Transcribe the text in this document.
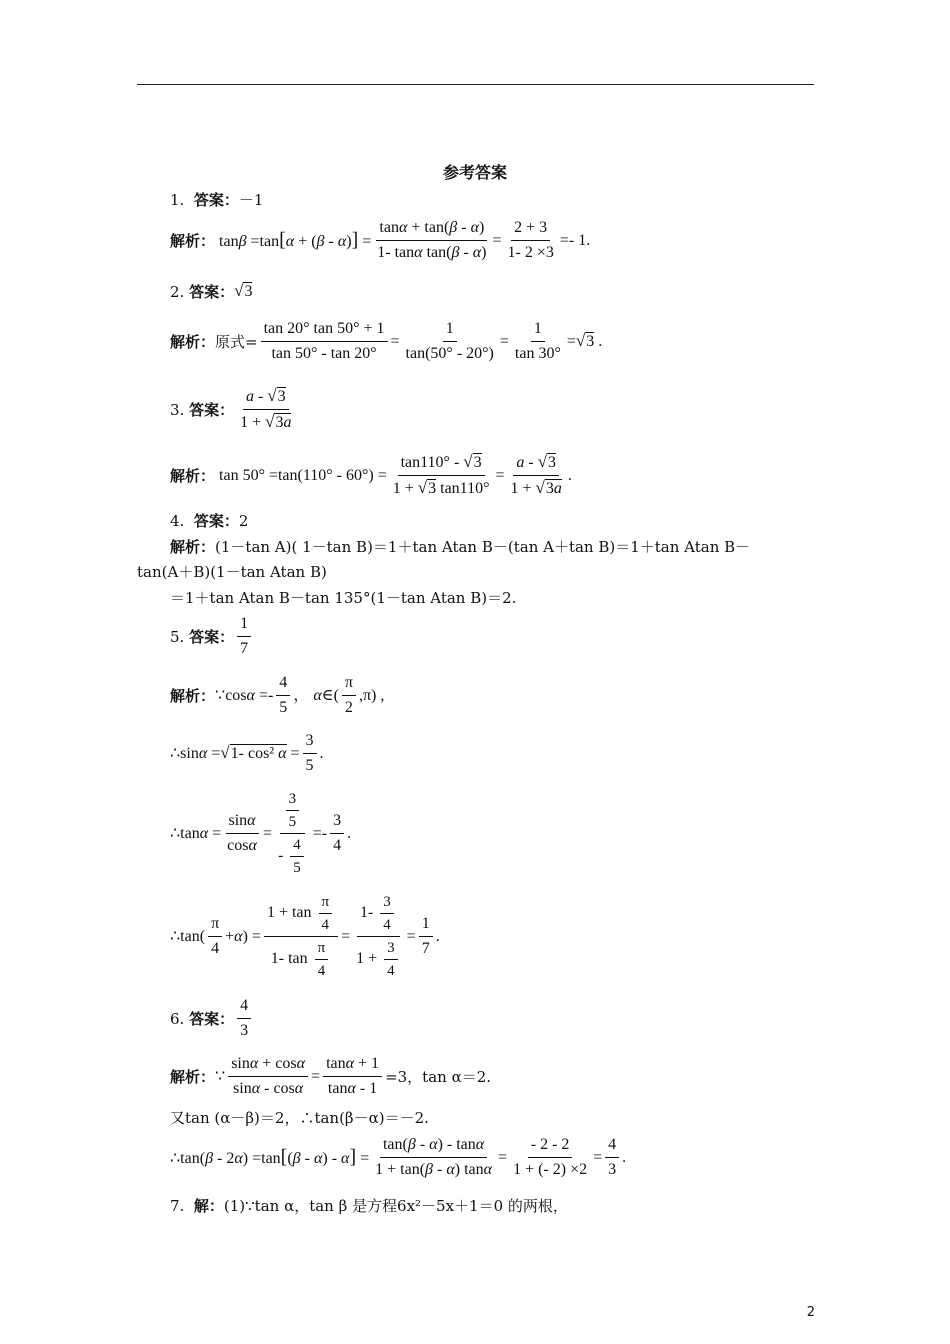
参考答案
1. 答案：－1
解析： $\tan\beta =\tan[\alpha + (\beta - \alpha)] = \frac{\tan\alpha + \tan(\beta - \alpha)}{\text{1- tanα tan(β - α)}} = \frac{2 + 3}{1- 2 \times 3} =- 1$.
2.
答案： √3
解析： 原式= $\frac{\tan 20^\circ \tan 50^\circ + 1}{\tan 50^\circ - \tan 20^\circ} = \frac{1}{\tan(50^\circ - 20^\circ)} = \frac{1}{\tan 30^\circ} =√3$ .
3.
答案： $\frac{a - √3}{1 + √3a}$
解析： $\tan 50^\circ =\tan(110^\circ - 60^\circ) = \frac{\tan 110^\circ - √3}{1 + √3 \tan 110^\circ} = \frac{a - √3}{1 + √3a}$ .
4. 答案：2
解析：(1－tan A)( 1－tan B)＝1＋tan Atan B－(tan A＋tan B)＝1＋tan Atan B－
tan(A＋B)(1－tan Atan B)
＝1＋tan Atan B－tan 135°(1－tan Atan B)＝2.
5.
答案： $\frac{1}{7}$
解析： ∵cosα =- $\frac{4}{5}$ ， α∈( $\frac{\pi}{2} ,\pi$) ,
∴sinα =√1- cos² $\alpha = \frac{3}{5}$ .
∴tanα = $\frac{\sin\alpha}{\cos\alpha} = \frac{\frac{3}{5}}{- \frac{4}{5}} =- \frac{3}{4}$ .
∴tan( $\frac{\pi}{4} +\alpha) = \frac{1 + \tan \frac{\pi}{4}}{1- \tan \frac{\pi}{4}} = \frac{1- \frac{3}{4}}{1 + \frac{3}{4}} = \frac{1}{7}$ .
6.
答案： $\frac{4}{3}$
解析： ∵ $\frac{\sin\alpha + \cos\alpha}{\sin\alpha - \cos\alpha} = \frac{\tan\alpha + 1}{\tan\alpha - 1} =3$，tan α＝2.
又tan (α－β)＝2，∴tan(β－α)＝－2.
∴tan(β - $2\alpha) =\tan[(\beta - \alpha) - \alpha] = \frac{\tan(\beta - \alpha) - \tan\alpha}{1 + \tan(\beta - \alpha) \tan\alpha} = \frac{- 2 - 2}{1 + (- 2) \times 2} = \frac{4}{3}$ .
7. 解：(1)∵tan α，tan β 是方程6x²－5x＋1＝0 的两根，
2
